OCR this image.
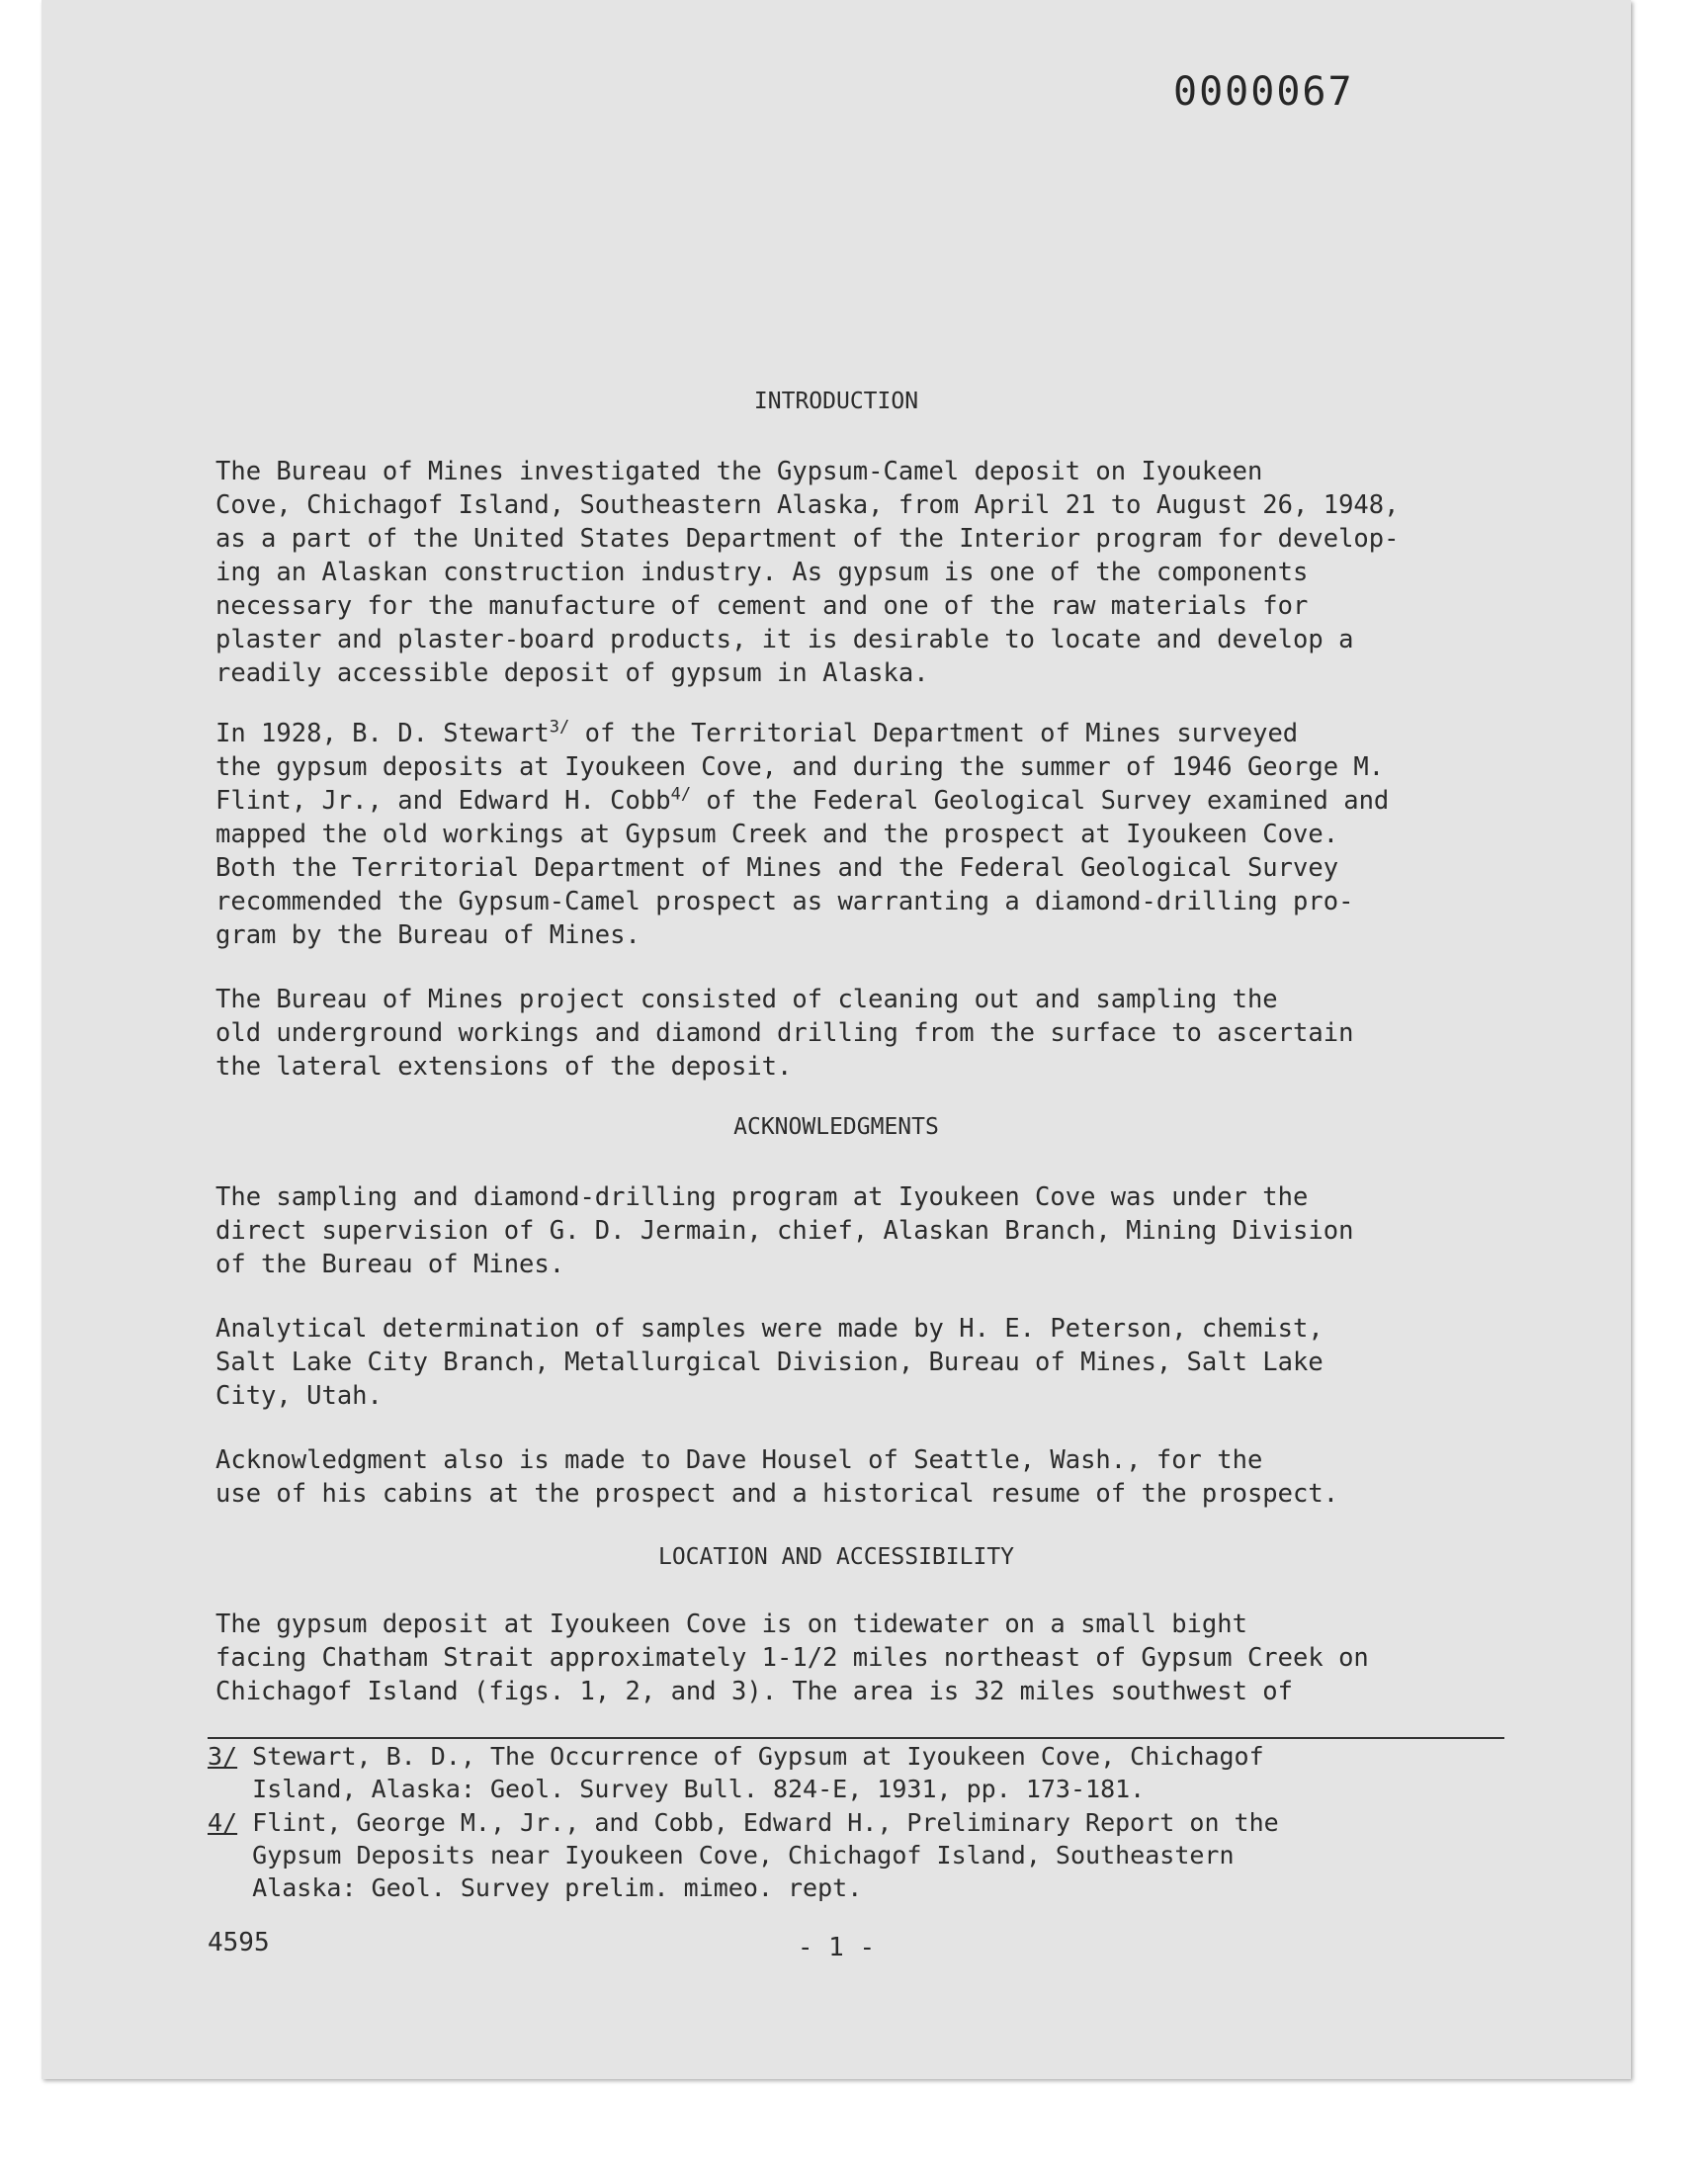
0000067
INTRODUCTION

The Bureau of Mines investigated the Gypsum-Camel deposit on Iyoukeen
Cove, Chichagof Island, Southeastern Alaska, from April 21 to August 26, 1948,
as a part of the United States Department of the Interior program for develop-
ing an Alaskan construction industry. As gypsum is one of the components
necessary for the manufacture of cement and one of the raw materials for
plaster and plaster-board products, it is desirable to locate and develop a
readily accessible deposit of gypsum in Alaska.

In 1928, B. D. Stewart$^{3/}$ of the Territorial Department of Mines surveyed
the gypsum deposits at Iyoukeen Cove, and during the summer of 1946 George M.
Flint, Jr., and Edward H. Cobb$^{4/}$ of the Federal Geological Survey examined and
mapped the old workings at Gypsum Creek and the prospect at Iyoukeen Cove.
Both the Territorial Department of Mines and the Federal Geological Survey
recommended the Gypsum-Camel prospect as warranting a diamond-drilling pro-
gram by the Bureau of Mines.

The Bureau of Mines project consisted of cleaning out and sampling the
old underground workings and diamond drilling from the surface to ascertain
the lateral extensions of the deposit.

ACKNOWLEDGMENTS

The sampling and diamond-drilling program at Iyoukeen Cove was under the
direct supervision of G. D. Jermain, chief, Alaskan Branch, Mining Division
of the Bureau of Mines.

Analytical determination of samples were made by H. E. Peterson, chemist,
Salt Lake City Branch, Metallurgical Division, Bureau of Mines, Salt Lake
City, Utah.

Acknowledgment also is made to Dave Housel of Seattle, Wash., for the
use of his cabins at the prospect and a historical resume of the prospect.

LOCATION AND ACCESSIBILITY

The gypsum deposit at Iyoukeen Cove is on tidewater on a small bight
facing Chatham Strait approximately 1-1/2 miles northeast of Gypsum Creek on
Chichagof Island (figs. 1, 2, and 3). The area is 32 miles southwest of

3/ Stewart, B. D., The Occurrence of Gypsum at Iyoukeen Cove, Chichagof
Island, Alaska: Geol. Survey Bull. 824-E, 1931, pp. 173-181.

4/ Flint, George M., Jr., and Cobb, Edward H., Preliminary Report on the
Gypsum Deposits near Iyoukeen Cove, Chichagof Island, Southeastern
Alaska: Geol. Survey prelim. mimeo. rept.

4595	- 1 -
